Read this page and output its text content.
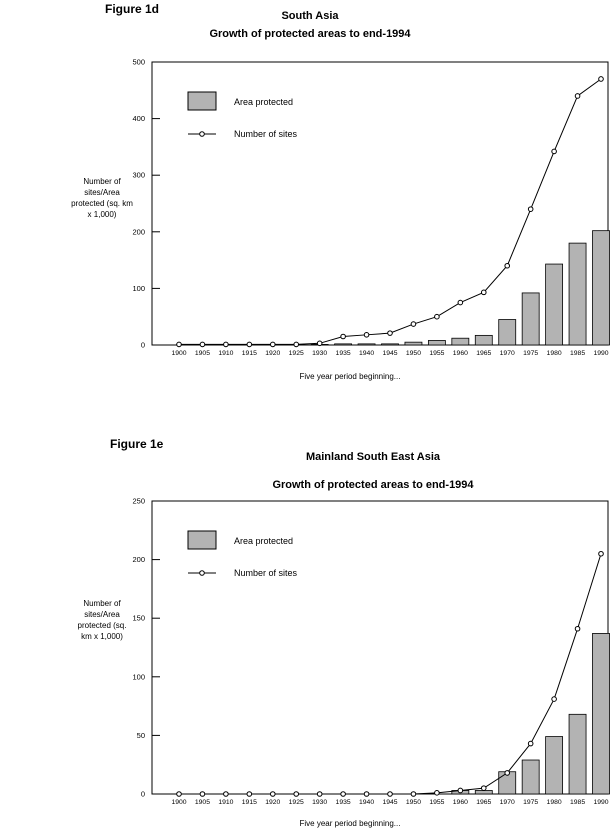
Figure 1d	South Asia
Growth of protected areas to end-1994
Number of
sites/Area
protected (sq. km
x 1,000)
0
100
200
300
400
500
1900 1905 1910 1915 1920 1925 1930 1935 1940 1945 1950 1955 1960 1965 1970 1975 1980 1985 1990
Area protected
Number of sites
Five year period beginning...
Figure 1e
Mainland South East Asia
Growth of protected areas to end-1994
Number of
sites/Area
protected (sq.
km x 1,000)
0
50
100
150
200
250
1900 1905 1910 1915 1920 1925 1930 1935 1940 1945 1950 1955 1960 1965 1970 1975 1980 1985 1990
Area protected
Number of sites
Five year period beginning...
